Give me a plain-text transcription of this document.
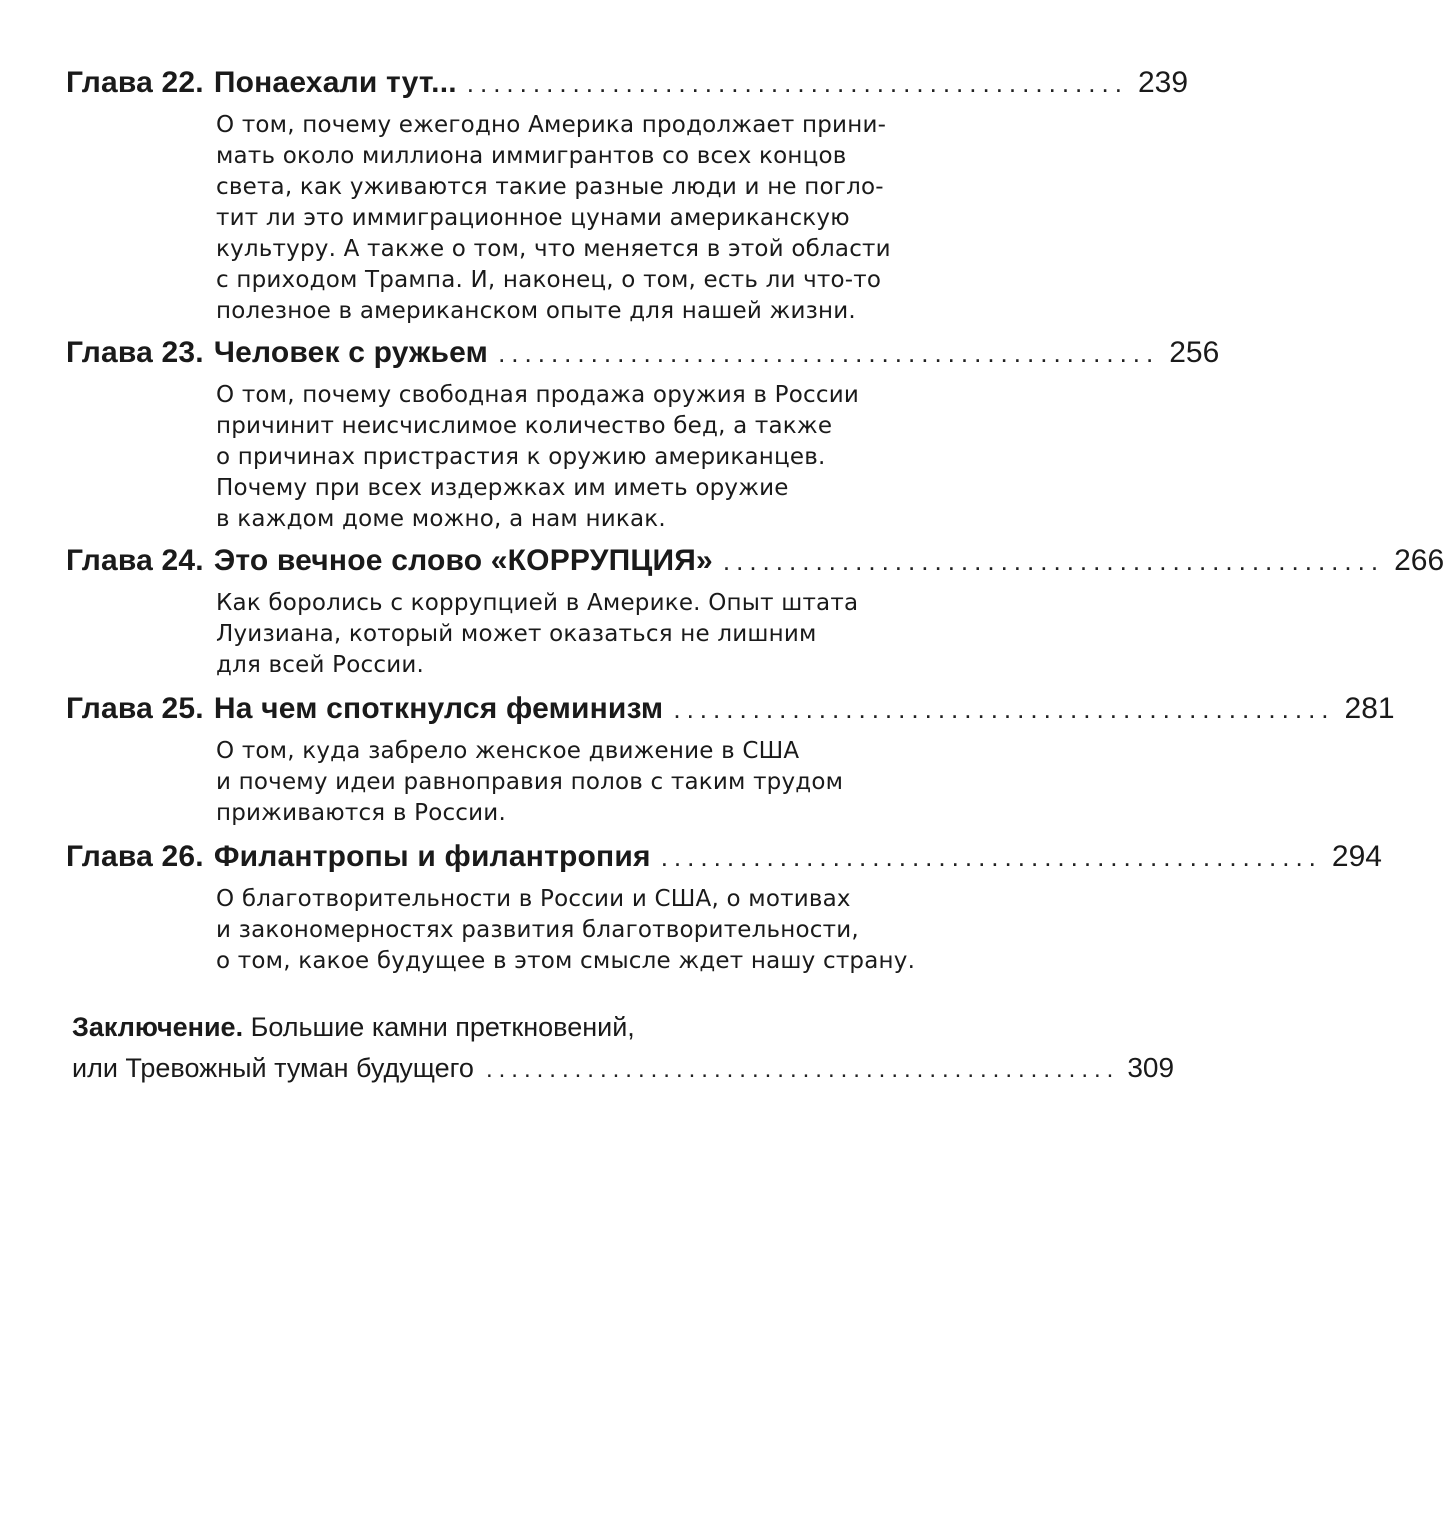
Глава 22. Понаехали тут... .................................................. 239
О том, почему ежегодно Америка продолжает прини-
мать около миллиона иммигрантов со всех концов
света, как уживаются такие разные люди и не погло-
тит ли это иммиграционное цунами американскую
культуру. А также о том, что меняется в этой области
с приходом Трампа. И, наконец, о том, есть ли что-то
полезное в американском опыте для нашей жизни.
Глава 23. Человек с ружьем .................................................. 256
О том, почему свободная продажа оружия в России
причинит неисчислимое количество бед, а также
о причинах пристрастия к оружию американцев.
Почему при всех издержках им иметь оружие
в каждом доме можно, а нам никак.
Глава 24. Это вечное слово «КОРРУПЦИЯ» .................................................. 266
Как боролись с коррупцией в Америке. Опыт штата
Луизиана, который может оказаться не лишним
для всей России.
Глава 25. На чем споткнулся феминизм .................................................. 281
О том, куда забрело женское движение в США
и почему идеи равноправия полов с таким трудом
приживаются в России.
Глава 26. Филантропы и филантропия .................................................. 294
О благотворительности в России и США, о мотивах
и закономерностях развития благотворительности,
о том, какое будущее в этом смысле ждет нашу страну.
Заключение. Большие камни преткновений,
или Тревожный туман будущего .................................................. 309
